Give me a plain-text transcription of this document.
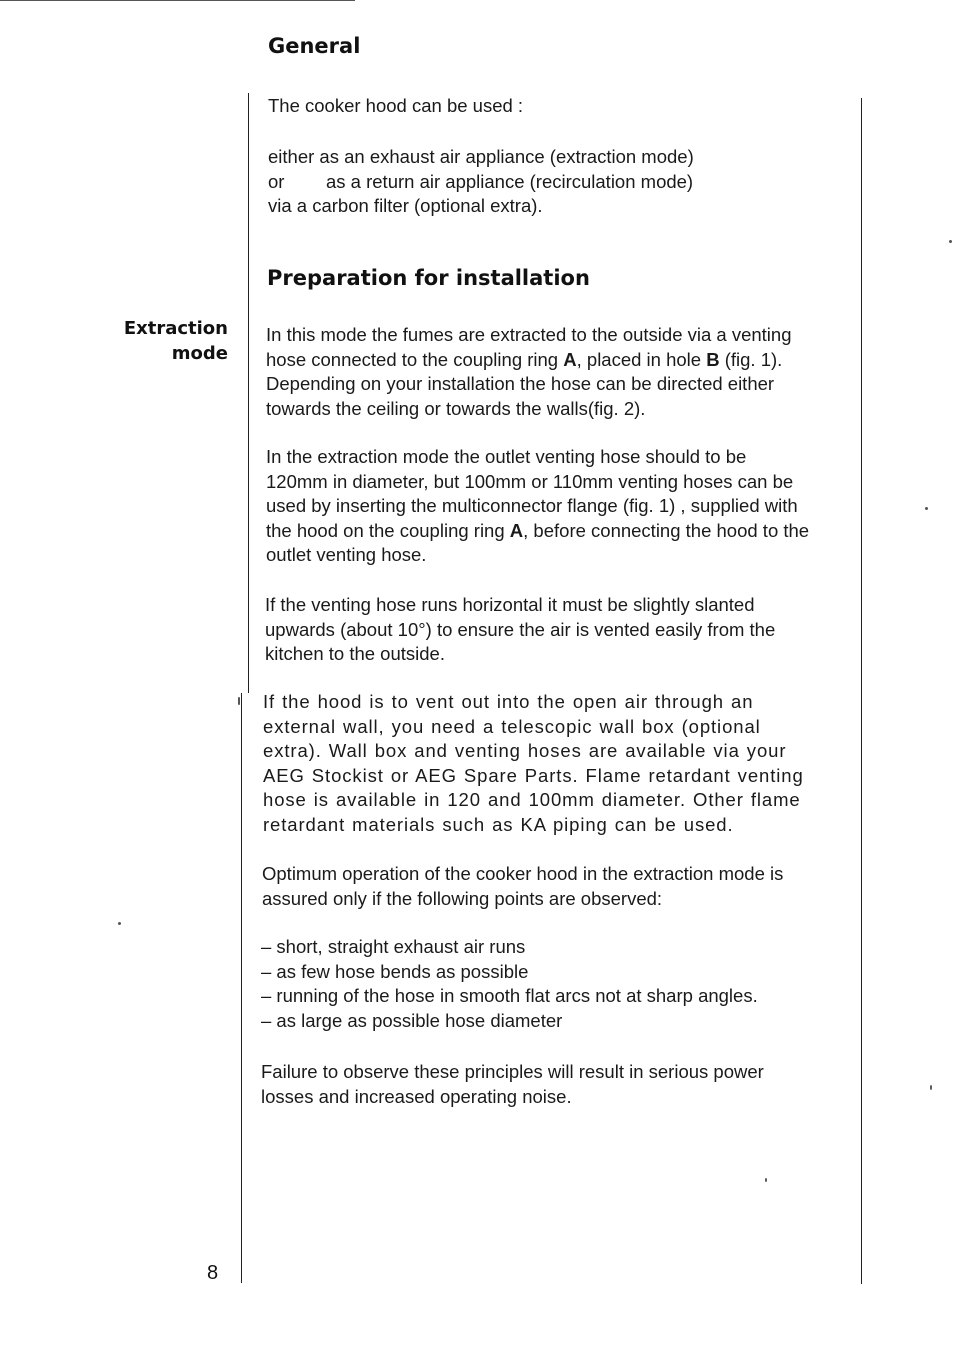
General

The cooker hood can be used :

either as an exhaust air appliance (extraction mode)
or as a return air appliance (recirculation mode)
via a carbon filter (optional extra).
Preparation for installation
Extraction
mode
In this mode the fumes are extracted to the outside via a venting
hose connected to the coupling ring A, placed in hole B (fig. 1).
Depending on your installation the hose can be directed either
towards the ceiling or towards the walls(fig. 2).
In the extraction mode the outlet venting hose should to be
120mm in diameter, but 100mm or 110mm venting hoses can be
used by inserting the multiconnector flange (fig. 1) , supplied with
the hood on the coupling ring A, before connecting the hood to the
outlet venting hose.
If the venting hose runs horizontal it must be slightly slanted
upwards (about 10°) to ensure the air is vented easily from the
kitchen to the outside.
If the hood is to vent out into the open air through an
external wall, you need a telescopic wall box (optional
extra). Wall box and venting hoses are available via your
AEG Stockist or AEG Spare Parts. Flame retardant venting
hose is available in 120 and 100mm diameter. Other flame
retardant materials such as KA piping can be used.
Optimum operation of the cooker hood in the extraction mode is
assured only if the following points are observed:
– short, straight exhaust air runs
– as few hose bends as possible
– running of the hose in smooth flat arcs not at sharp angles.
– as large as possible hose diameter
Failure to observe these principles will result in serious power
losses and increased operating noise.

8
